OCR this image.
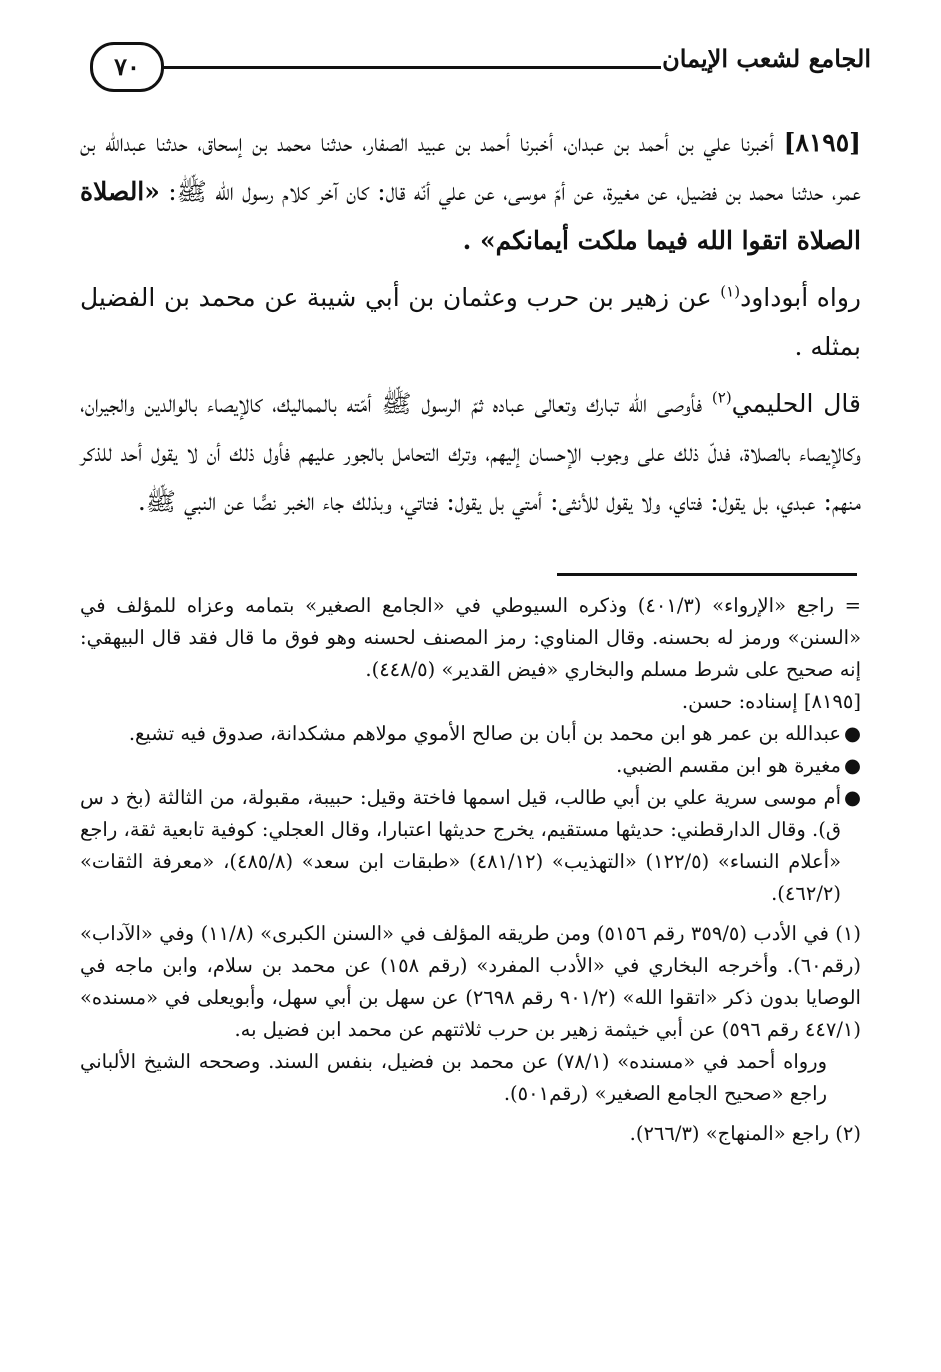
٧٠	الجامع لشعب الإيمان

[٨١٩٥] أخبرنا علي بن أحمد بن عبدان، أخبرنا أحمد بن عبيد الصفار، حدثنا محمد بن إسحاق، حدثنا عبدالله بن عمر، حدثنا محمد بن فضيل، عن مغيرة، عن أمّ موسى، عن علي أنّه قال: كان آخر كلام رسول الله ﷺ: «الصلاة الصلاة اتقوا الله فيما ملكت أيمانكم» .

رواه أبوداود$^{(١)}$ عن زهير بن حرب وعثمان بن أبي شيبة عن محمد بن الفضيل بمثله .

قال الحليمي$^{(٢)}$ فأوصى الله تبارك وتعالى عباده ثمّ الرسول ﷺ أمّته بالمماليك، كالإيصاء بالوالدين والجيران، وكالإيصاء بالصلاة، فدلّ ذلك على وجوب الإحسان إليهم، وترك التحامل بالجور عليهم فأول ذلك أن لا يقول أحد للذكر منهم: عبدي، بل يقول: فتاي، ولا يقول للأنثى: أمتي بل يقول: فتاتي، وبذلك جاء الخبر نصًّا عن النبي ﷺ.

= راجع «الإرواء» (٤٠١/٣) وذكره السيوطي في «الجامع الصغير» بتمامه وعزاه للمؤلف في «السنن» ورمز له بحسنه. وقال المناوي: رمز المصنف لحسنه وهو فوق ما قال فقد قال البيهقي: إنه صحيح على شرط مسلم والبخاري «فيض القدير» (٤٤٨/٥).

[٨١٩٥] إسناده: حسن.

●
عبدالله بن عمر هو ابن محمد بن أبان بن صالح الأموي مولاهم مشكدانة، صدوق فيه تشيع.
●
مغيرة هو ابن مقسم الضبي.
●
أم موسى سرية علي بن أبي طالب، قيل اسمها فاختة وقيل: حبيبة، مقبولة، من الثالثة (بخ د س ق). وقال الدارقطني: حديثها مستقيم، يخرج حديثها اعتبارا، وقال العجلي: كوفية تابعية ثقة، راجع «أعلام النساء» (١٢٢/٥) «التهذيب» (٤٨١/١٢) «طبقات ابن سعد» (٤٨٥/٨)، «معرفة الثقات» (٤٦٢/٢).

(١) في الأدب (٣٥٩/٥ رقم ٥١٥٦) ومن طريقه المؤلف في «السنن الكبرى» (١١/٨) وفي «الآداب» (رقم٦٠). وأخرجه البخاري في «الأدب المفرد» (رقم ١٥٨) عن محمد بن سلام، وابن ماجه في الوصايا بدون ذكر «اتقوا الله» (٩٠١/٢ رقم ٢٦٩٨) عن سهل بن أبي سهل، وأبويعلى في «مسنده» (٤٤٧/١ رقم ٥٩٦) عن أبي خيثمة زهير بن حرب ثلاثتهم عن محمد ابن فضيل به.

ورواه أحمد في «مسنده» (٧٨/١) عن محمد بن فضيل، بنفس السند. وصححه الشيخ الألباني راجع «صحيح الجامع الصغير» (رقم٥٠١).

(٢) راجع «المنهاج» (٢٦٦/٣).
